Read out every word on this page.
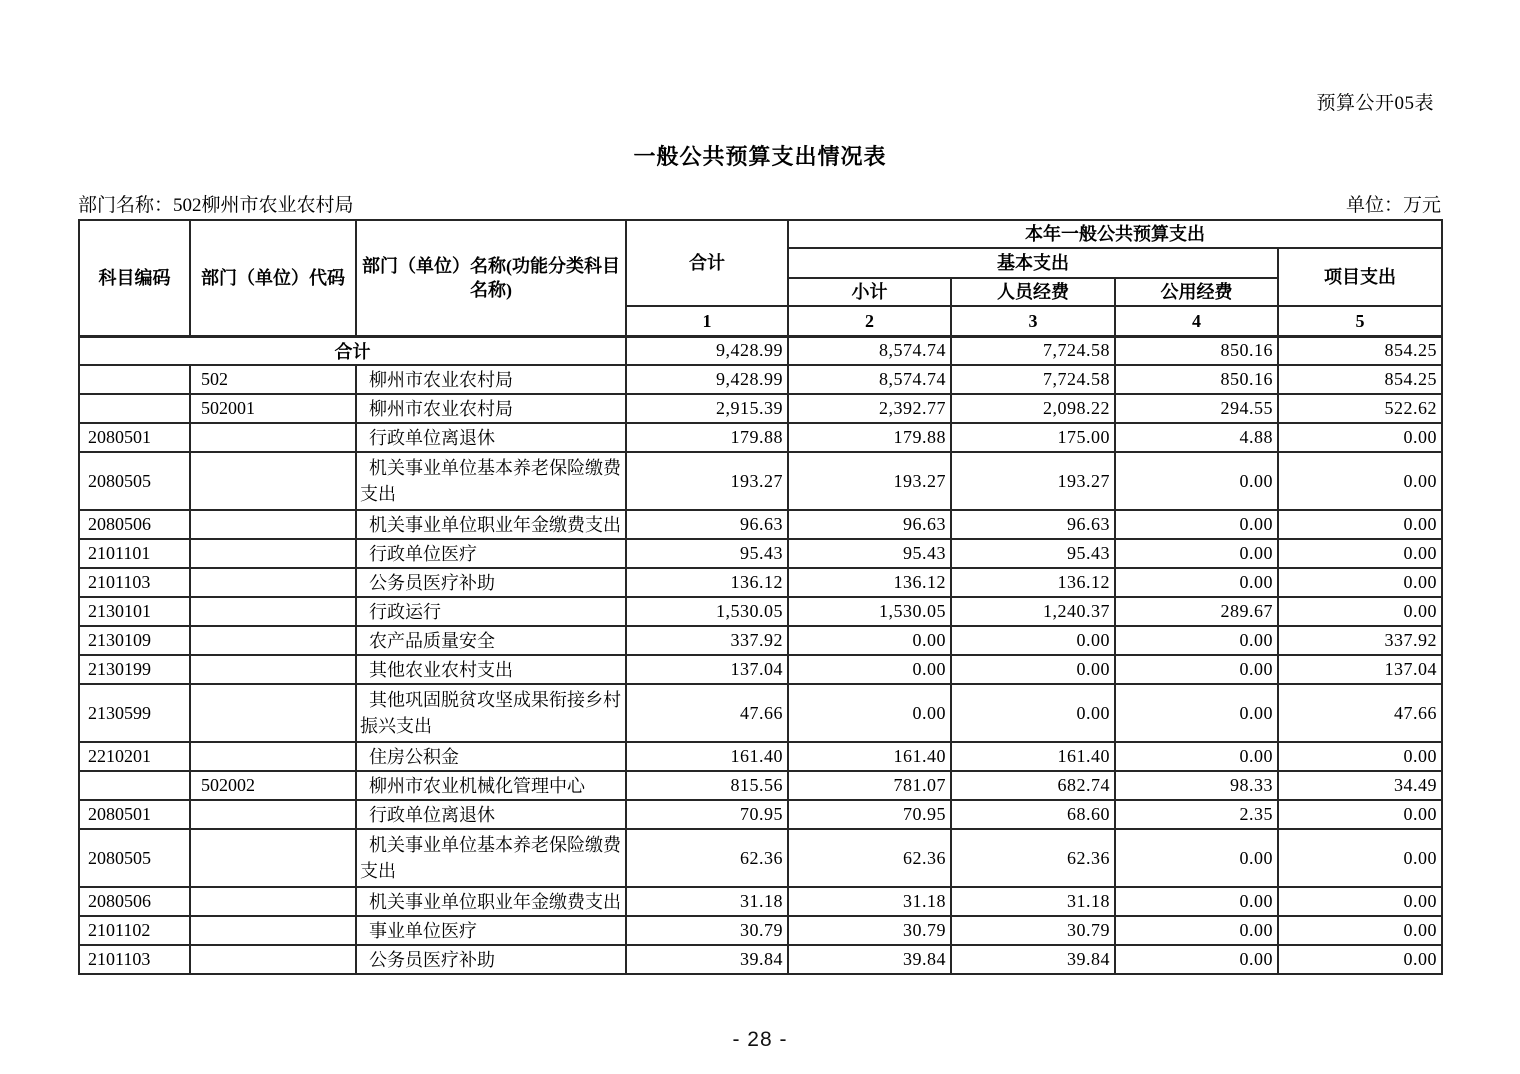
预算公开05表
一般公共预算支出情况表
部门名称：502柳州市农业农村局	单位：万元
科目编码	部门（单位）代码	部门（单位）名称(功能分类科目名称)	合计	本年一般公共预算支出			
				基本支出			项目支出
				小计	人员经费	公用经费	
			1	2	3	4	5
合计			9,428.99	8,574.74	7,724.58	850.16	854.25
	502	柳州市农业农村局	9,428.99	8,574.74	7,724.58	850.16	854.25
	502001	柳州市农业农村局	2,915.39	2,392.77	2,098.22	294.55	522.62
2080501		行政单位离退休	179.88	179.88	175.00	4.88	0.00
2080505		机关事业单位基本养老保险缴费支出	193.27	193.27	193.27	0.00	0.00
2080506		机关事业单位职业年金缴费支出	96.63	96.63	96.63	0.00	0.00
2101101		行政单位医疗	95.43	95.43	95.43	0.00	0.00
2101103		公务员医疗补助	136.12	136.12	136.12	0.00	0.00
2130101		行政运行	1,530.05	1,530.05	1,240.37	289.67	0.00
2130109		农产品质量安全	337.92	0.00	0.00	0.00	337.92
2130199		其他农业农村支出	137.04	0.00	0.00	0.00	137.04
2130599		其他巩固脱贫攻坚成果衔接乡村振兴支出	47.66	0.00	0.00	0.00	47.66
2210201		住房公积金	161.40	161.40	161.40	0.00	0.00
	502002	柳州市农业机械化管理中心	815.56	781.07	682.74	98.33	34.49
2080501		行政单位离退休	70.95	70.95	68.60	2.35	0.00
2080505		机关事业单位基本养老保险缴费支出	62.36	62.36	62.36	0.00	0.00
2080506		机关事业单位职业年金缴费支出	31.18	31.18	31.18	0.00	0.00
2101102		事业单位医疗	30.79	30.79	30.79	0.00	0.00
2101103		公务员医疗补助	39.84	39.84	39.84	0.00	0.00
- 28 -
